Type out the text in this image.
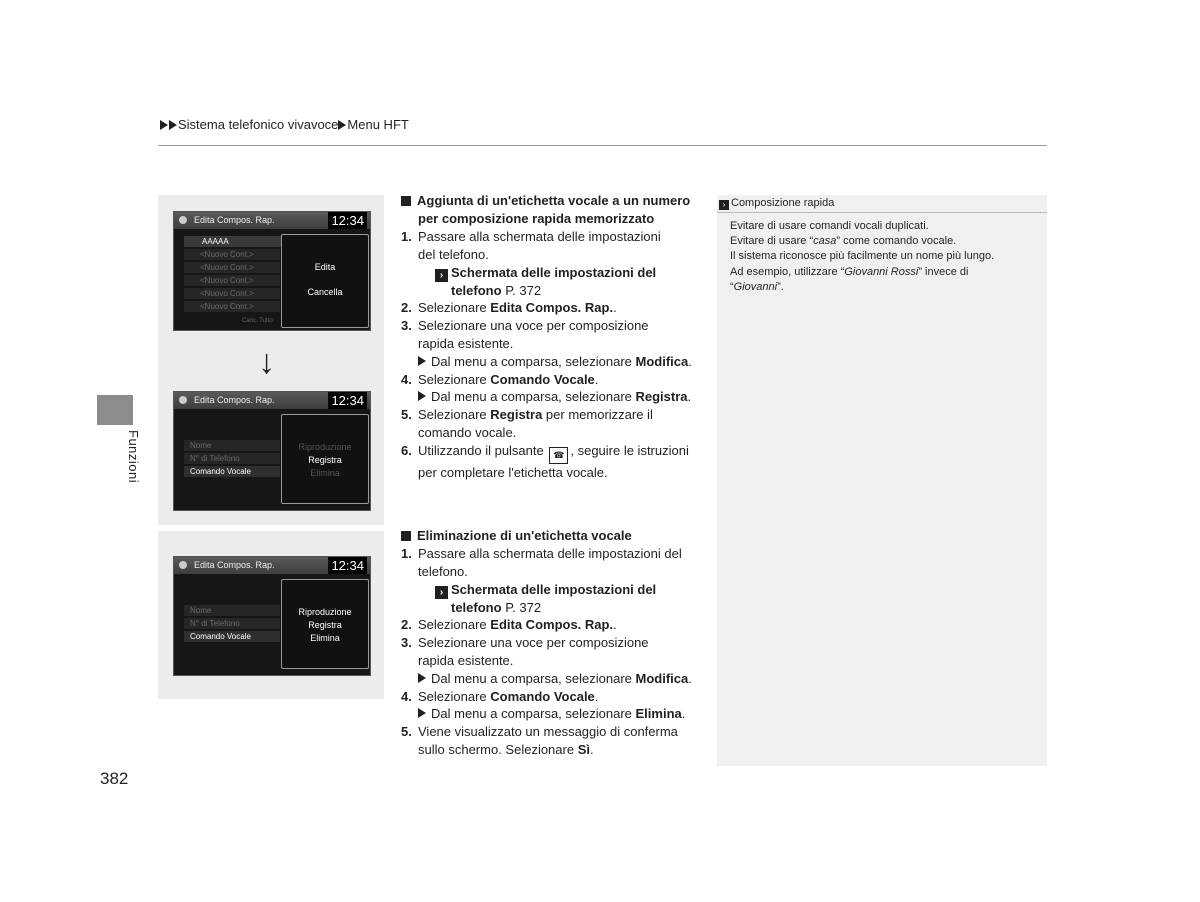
Sistema telefonico vivavoce Menu HFT
Funzioni
Edita Compos. Rap.	12:34
AAAAA
<Nuovo Cont.>
<Nuovo Cont.>
<Nuovo Cont.>
<Nuovo Cont.>
<Nuovo Cont.>
Canc. Tutto
Edita
Cancella
↓
Edita Compos. Rap.	12:34
Nome
N° di Telefono
Comando Vocale
Riproduzione
Registra
Elimina
Edita Compos. Rap.	12:34
Nome
N° di Telefono
Comando Vocale
Riproduzione
Registra
Elimina
Aggiunta di un'etichetta vocale a un numero
per composizione rapida memorizzato
1. Passare alla schermata delle impostazioni
del telefono.
› Schermata delle impostazioni del
telefono P. 372
2. Selezionare Edita Compos. Rap..
3. Selezionare una voce per composizione
rapida esistente.
Dal menu a comparsa, selezionare Modifica.
4. Selezionare Comando Vocale.
Dal menu a comparsa, selezionare Registra.
5. Selezionare Registra per memorizzare il
comando vocale.
6. Utilizzando il pulsante ☎ , seguire le istruzioni
per completare l'etichetta vocale.
Eliminazione di un'etichetta vocale
1. Passare alla schermata delle impostazioni del
telefono.
› Schermata delle impostazioni del
telefono P. 372
2. Selezionare Edita Compos. Rap..
3. Selezionare una voce per composizione
rapida esistente.
Dal menu a comparsa, selezionare Modifica.
4. Selezionare Comando Vocale.
Dal menu a comparsa, selezionare Elimina.
5. Viene visualizzato un messaggio di conferma
sullo schermo. Selezionare Sì.
› Composizione rapida
Evitare di usare comandi vocali duplicati.
Evitare di usare “casa” come comando vocale.
Il sistema riconosce più facilmente un nome più lungo.
Ad esempio, utilizzare “Giovanni Rossi” invece di
“Giovanni”.
382
